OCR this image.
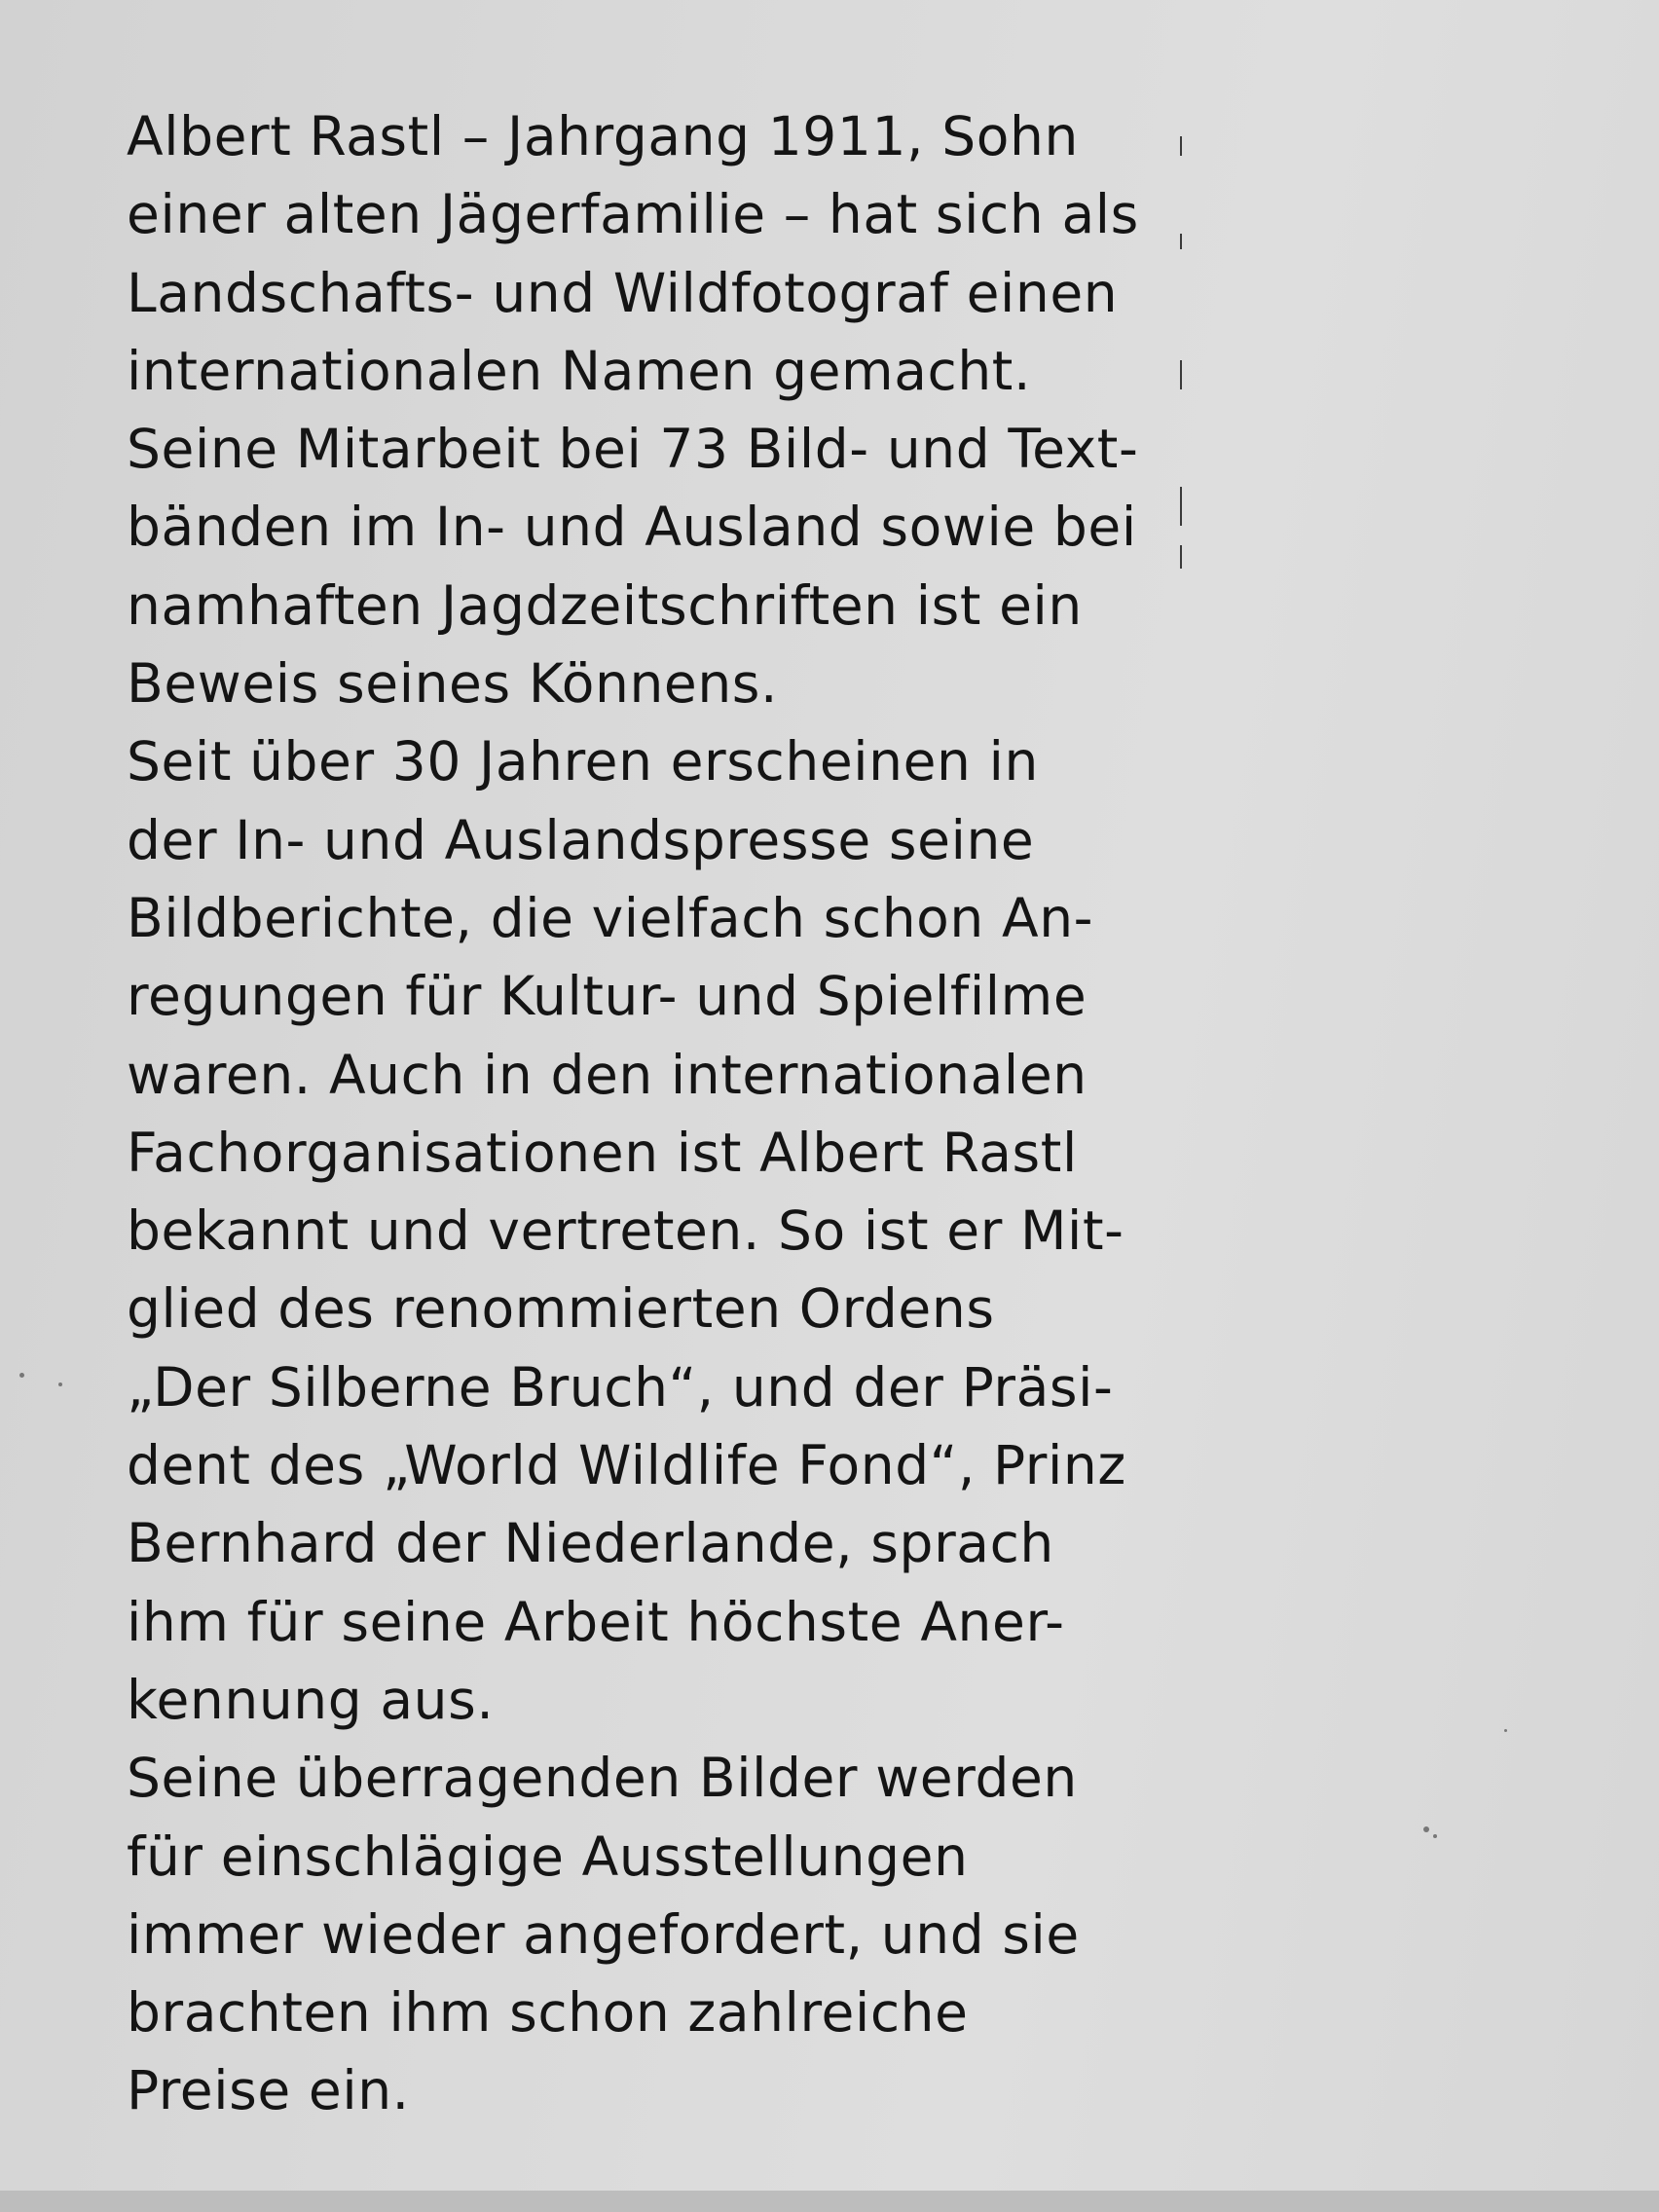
Albert Rastl – Jahrgang 1911, Sohn
einer alten Jägerfamilie – hat sich als
Landschafts- und Wildfotograf einen
internationalen Namen gemacht.
Seine Mitarbeit bei 73 Bild- und Text-
bänden im In- und Ausland sowie bei
namhaften Jagdzeitschriften ist ein
Beweis seines Könnens.
Seit über 30 Jahren erscheinen in
der In- und Auslandspresse seine
Bildberichte, die vielfach schon An-
regungen für Kultur- und Spielfilme
waren. Auch in den internationalen
Fachorganisationen ist Albert Rastl
bekannt und vertreten. So ist er Mit-
glied des renommierten Ordens
„Der Silberne Bruch“, und der Präsi-
dent des „World Wildlife Fond“, Prinz
Bernhard der Niederlande, sprach
ihm für seine Arbeit höchste Aner-
kennung aus.
Seine überragenden Bilder werden
für einschlägige Ausstellungen
immer wieder angefordert, und sie
brachten ihm schon zahlreiche
Preise ein.
